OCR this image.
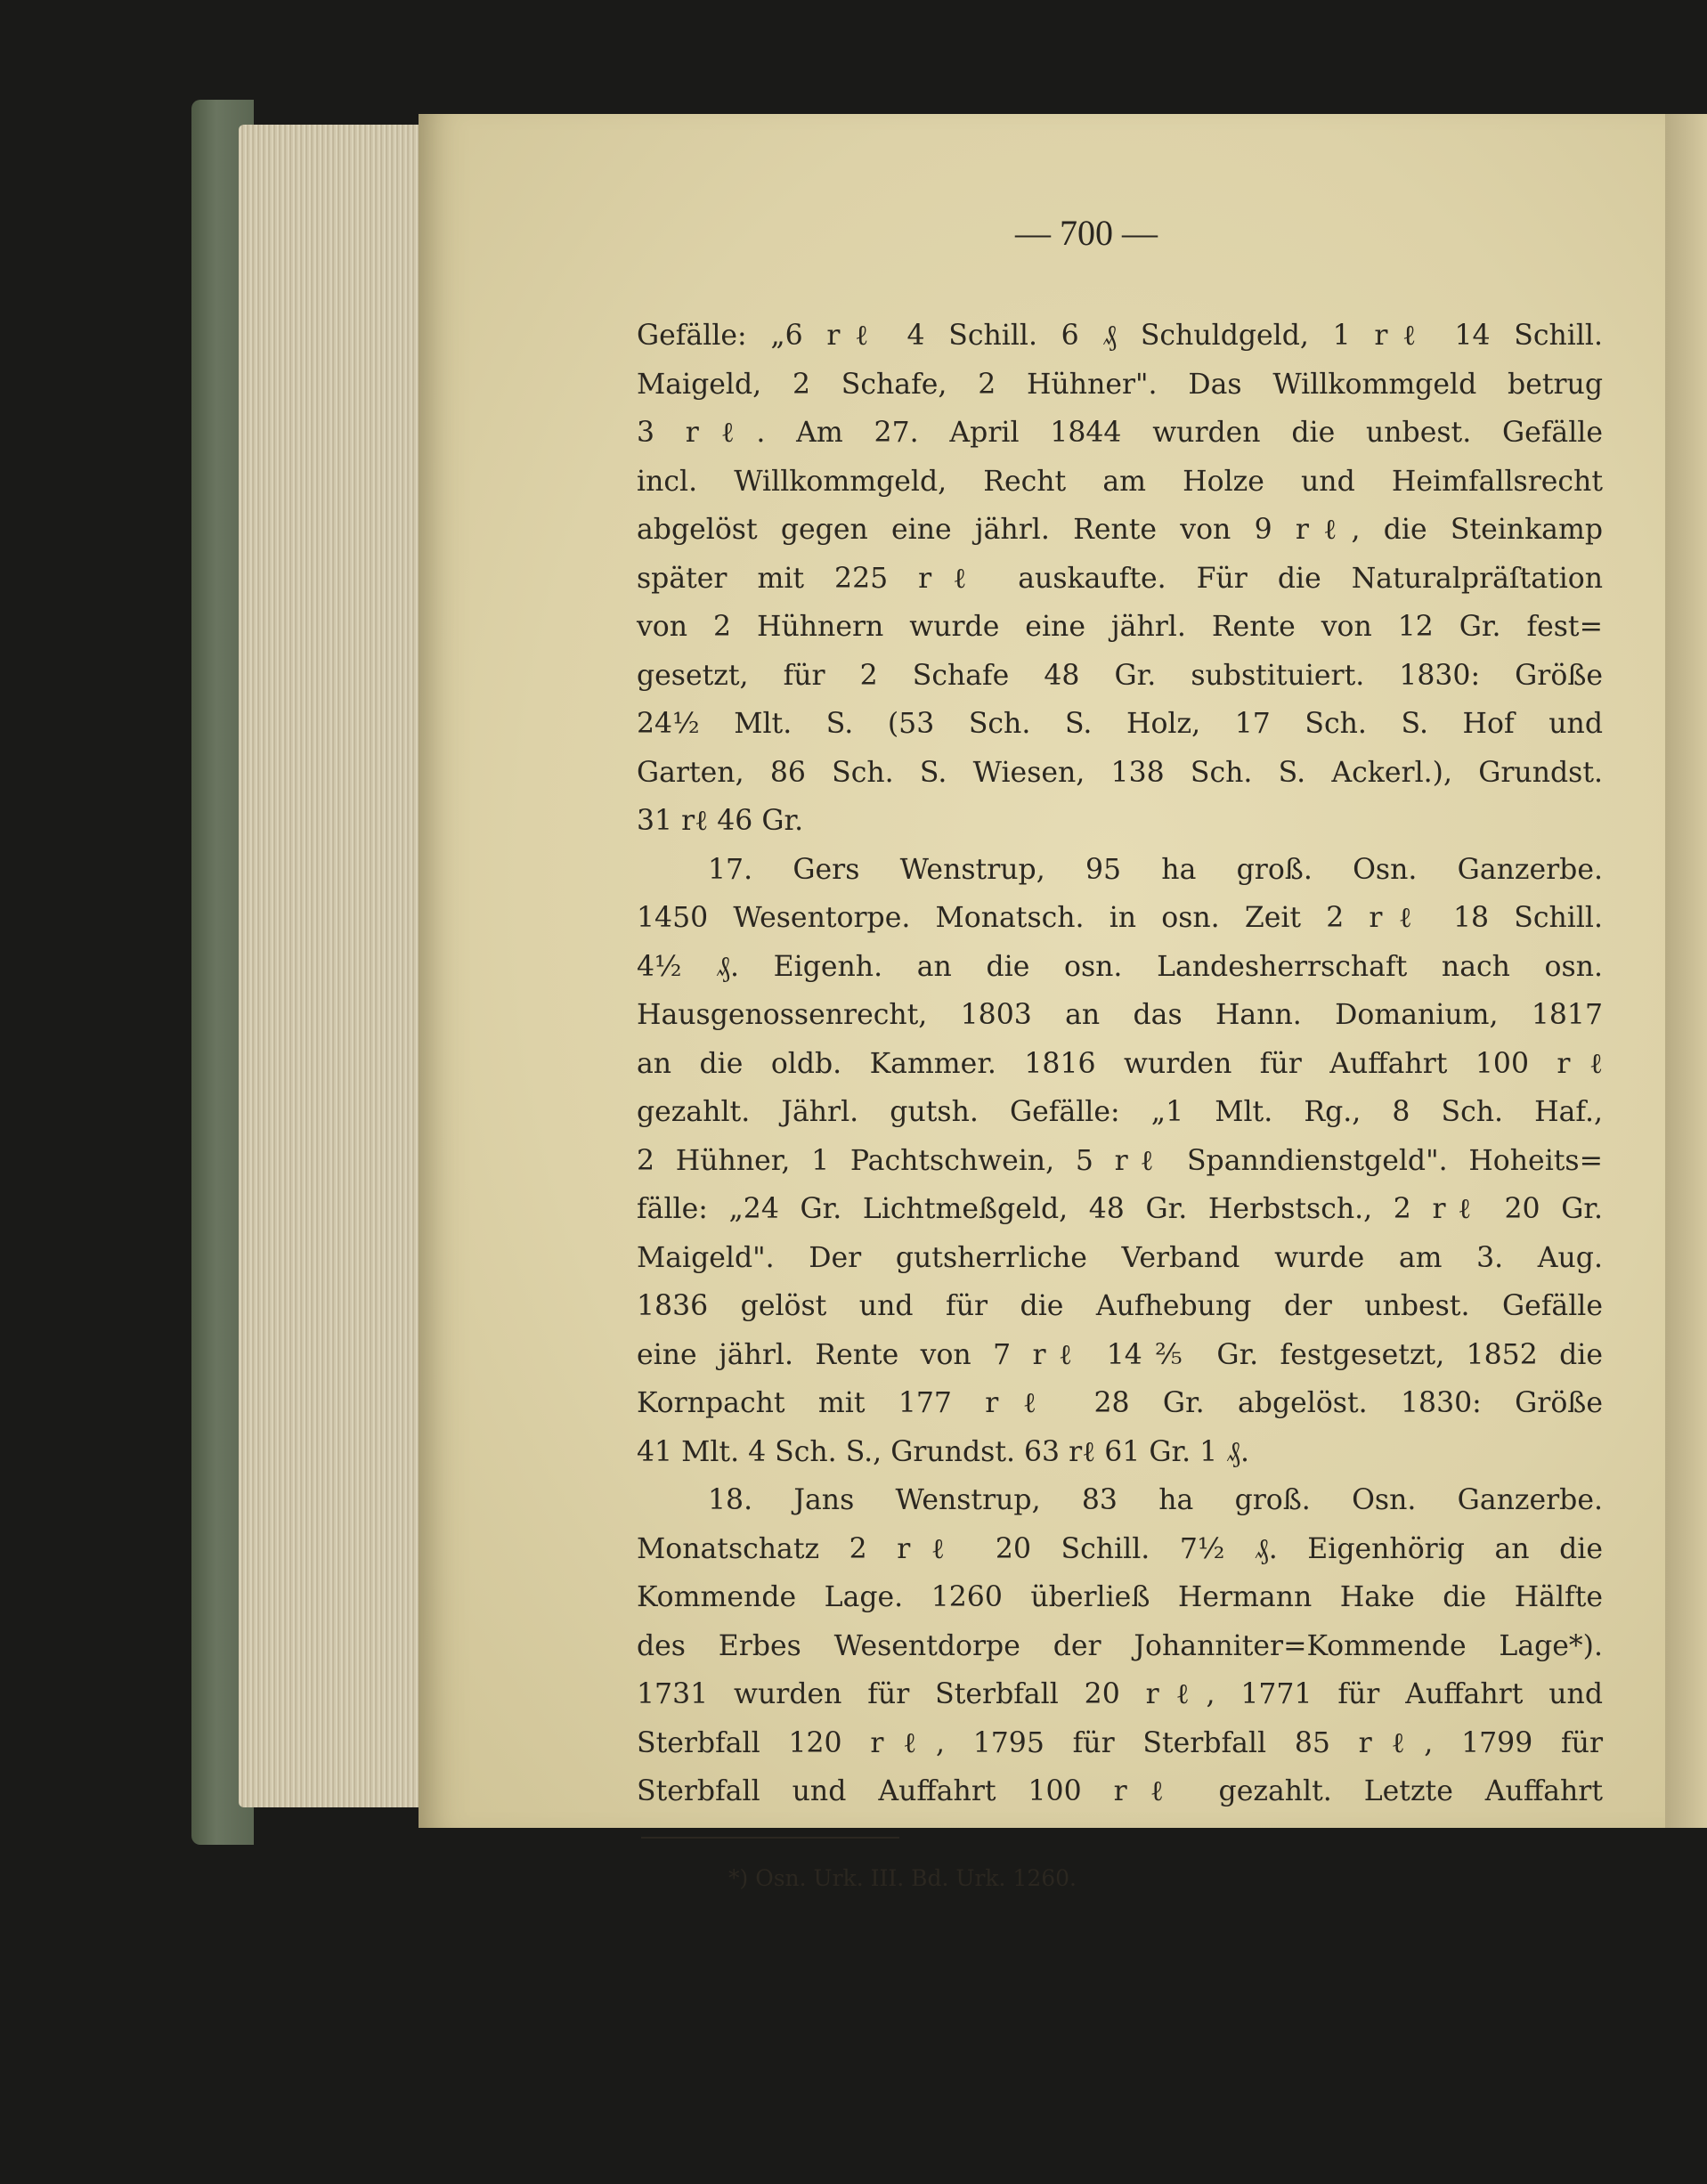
— 700 —

Gefälle: „6 rℓ 4 Schill. 6 ₰ Schuldgeld, 1 rℓ 14 Schill.

Maigeld, 2 Schafe, 2 Hühner". Das Willkommgeld betrug

3 rℓ. Am 27. April 1844 wurden die unbest. Gefälle

incl. Willkommgeld, Recht am Holze und Heimfallsrecht

abgelöst gegen eine jährl. Rente von 9 rℓ, die Steinkamp

später mit 225 rℓ auskaufte. Für die Naturalpräſtation

von 2 Hühnern wurde eine jährl. Rente von 12 Gr. fest=

gesetzt, für 2 Schafe 48 Gr. substituiert. 1830: Größe

24½ Mlt. S. (53 Sch. S. Holz, 17 Sch. S. Hof und

Garten, 86 Sch. S. Wiesen, 138 Sch. S. Ackerl.), Grundst.

31 rℓ 46 Gr.

17. Gers Wenstrup, 95 ha groß. Osn. Ganzerbe.

1450 Wesentorpe. Monatsch. in osn. Zeit 2 rℓ 18 Schill.

4½ ₰. Eigenh. an die osn. Landesherrschaft nach osn.

Hausgenossenrecht, 1803 an das Hann. Domanium, 1817

an die oldb. Kammer. 1816 wurden für Auffahrt 100 rℓ

gezahlt. Jährl. gutsh. Gefälle: „1 Mlt. Rg., 8 Sch. Haf.,

2 Hühner, 1 Pachtschwein, 5 rℓ Spanndienstgeld". Hoheits=

fälle: „24 Gr. Lichtmeßgeld, 48 Gr. Herbstsch., 2 rℓ 20 Gr.

Maigeld". Der gutsherrliche Verband wurde am 3. Aug.

1836 gelöst und für die Aufhebung der unbest. Gefälle

eine jährl. Rente von 7 rℓ 14⅖ Gr. festgesetzt, 1852 die

Kornpacht mit 177 rℓ 28 Gr. abgelöst. 1830: Größe

41 Mlt. 4 Sch. S., Grundst. 63 rℓ 61 Gr. 1 ₰.

18. Jans Wenstrup, 83 ha groß. Osn. Ganzerbe.

Monatschatz 2 rℓ 20 Schill. 7½ ₰. Eigenhörig an die

Kommende Lage. 1260 überließ Hermann Hake die Hälfte

des Erbes Wesentdorpe der Johanniter=Kommende Lage*).

1731 wurden für Sterbfall 20 rℓ, 1771 für Auffahrt und

Sterbfall 120 rℓ, 1795 für Sterbfall 85 rℓ, 1799 für

Sterbfall und Auffahrt 100 rℓ gezahlt. Letzte Auffahrt

*) Osn. Urk. III. Bd. Urk. 1260.
